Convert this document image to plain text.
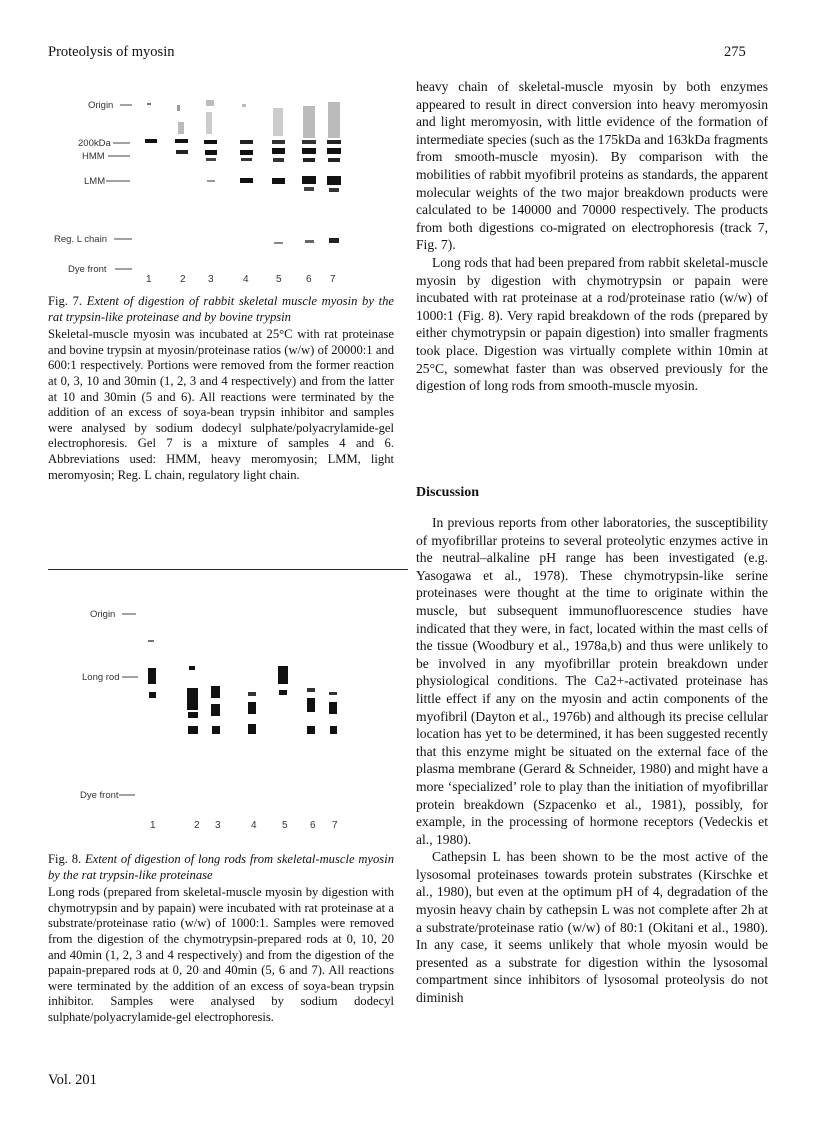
Proteolysis of myosin	275
Origin
200kDa
HMM
LMM
Reg. L chain
Dye front
1	2 3	4	5 6 7
Fig. 7. Extent of digestion of rabbit skeletal muscle myosin by the rat trypsin-like proteinase and by bovine trypsin
Skeletal-muscle myosin was incubated at 25°C with rat proteinase and bovine trypsin at myosin/proteinase ratios (w/w) of 20000:1 and 600:1 respectively. Portions were removed from the former reaction at 0, 3, 10 and 30min (1, 2, 3 and 4 respectively) and from the latter at 10 and 30min (5 and 6). All reactions were terminated by the addition of an excess of soya-bean trypsin inhibitor and samples were analysed by sodium dodecyl sulphate/polyacrylamide-gel electrophoresis. Gel 7 is a mixture of samples 4 and 6. Abbreviations used: HMM, heavy meromyosin; LMM, light meromyosin; Reg. L chain, regulatory light chain.
Origin
Long rod
Dye front
1	2 3	4	5 6 7
Fig. 8. Extent of digestion of long rods from skeletal-muscle myosin by the rat trypsin-like proteinase
Long rods (prepared from skeletal-muscle myosin by digestion with chymotrypsin and by papain) were incubated with rat proteinase at a substrate/proteinase ratio (w/w) of 1000:1. Samples were removed from the digestion of the chymotrypsin-prepared rods at 0, 10, 20 and 40min (1, 2, 3 and 4 respectively) and from the digestion of the papain-prepared rods at 0, 20 and 40min (5, 6 and 7). All reactions were terminated by the addition of an excess of soya-bean trypsin inhibitor. Samples were analysed by sodium dodecyl sulphate/polyacrylamide-gel electrophoresis.

heavy chain of skeletal-muscle myosin by both enzymes appeared to result in direct conversion into heavy meromyosin and light meromyosin, with little evidence of the formation of intermediate species (such as the 175kDa and 163kDa fragments from smooth-muscle myosin). By comparison with the mobilities of rabbit myofibril proteins as standards, the apparent molecular weights of the two major breakdown products were calculated to be 140000 and 70000 respectively. The products from both digestions co-migrated on electrophoresis (track 7, Fig. 7).

Long rods that had been prepared from rabbit skeletal-muscle myosin by digestion with chymotrypsin or papain were incubated with rat proteinase at a rod/proteinase ratio (w/w) of 1000:1 (Fig. 8). Very rapid breakdown of the rods (prepared by either chymotrypsin or papain digestion) into smaller fragments took place. Digestion was virtually complete within 10min at 25°C, somewhat faster than was observed previously for the digestion of long rods from smooth-muscle myosin.

Discussion

In previous reports from other laboratories, the susceptibility of myofibrillar proteins to several proteolytic enzymes active in the neutral–alkaline pH range has been investigated (e.g. Yasogawa et al., 1978). These chymotrypsin-like serine proteinases were thought at the time to originate within the muscle, but subsequent immunofluorescence studies have indicated that they were, in fact, located within the mast cells of the tissue (Woodbury et al., 1978a,b) and thus were unlikely to be involved in any myofibrillar protein breakdown under physiological conditions. The Ca2+-activated proteinase has little effect if any on the myosin and actin components of the myofibril (Dayton et al., 1976b) and although its precise cellular location has yet to be determined, it has been suggested recently that this enzyme might be situated on the external face of the plasma membrane (Gerard & Schneider, 1980) and might have a more ‘specialized’ role to play than the initiation of myofibrillar protein breakdown (Szpacenko et al., 1981), possibly, for example, in the processing of hormone receptors (Vedeckis et al., 1980).

Cathepsin L has been shown to be the most active of the lysosomal proteinases towards protein substrates (Kirschke et al., 1980), but even at the optimum pH of 4, degradation of the myosin heavy chain by cathepsin L was not complete after 2h at a substrate/proteinase ratio (w/w) of 80:1 (Okitani et al., 1980). In any case, it seems unlikely that whole myosin would be presented as a substrate for digestion within the lysosomal compartment since inhibitors of lysosomal proteolysis do not diminish

Vol. 201
